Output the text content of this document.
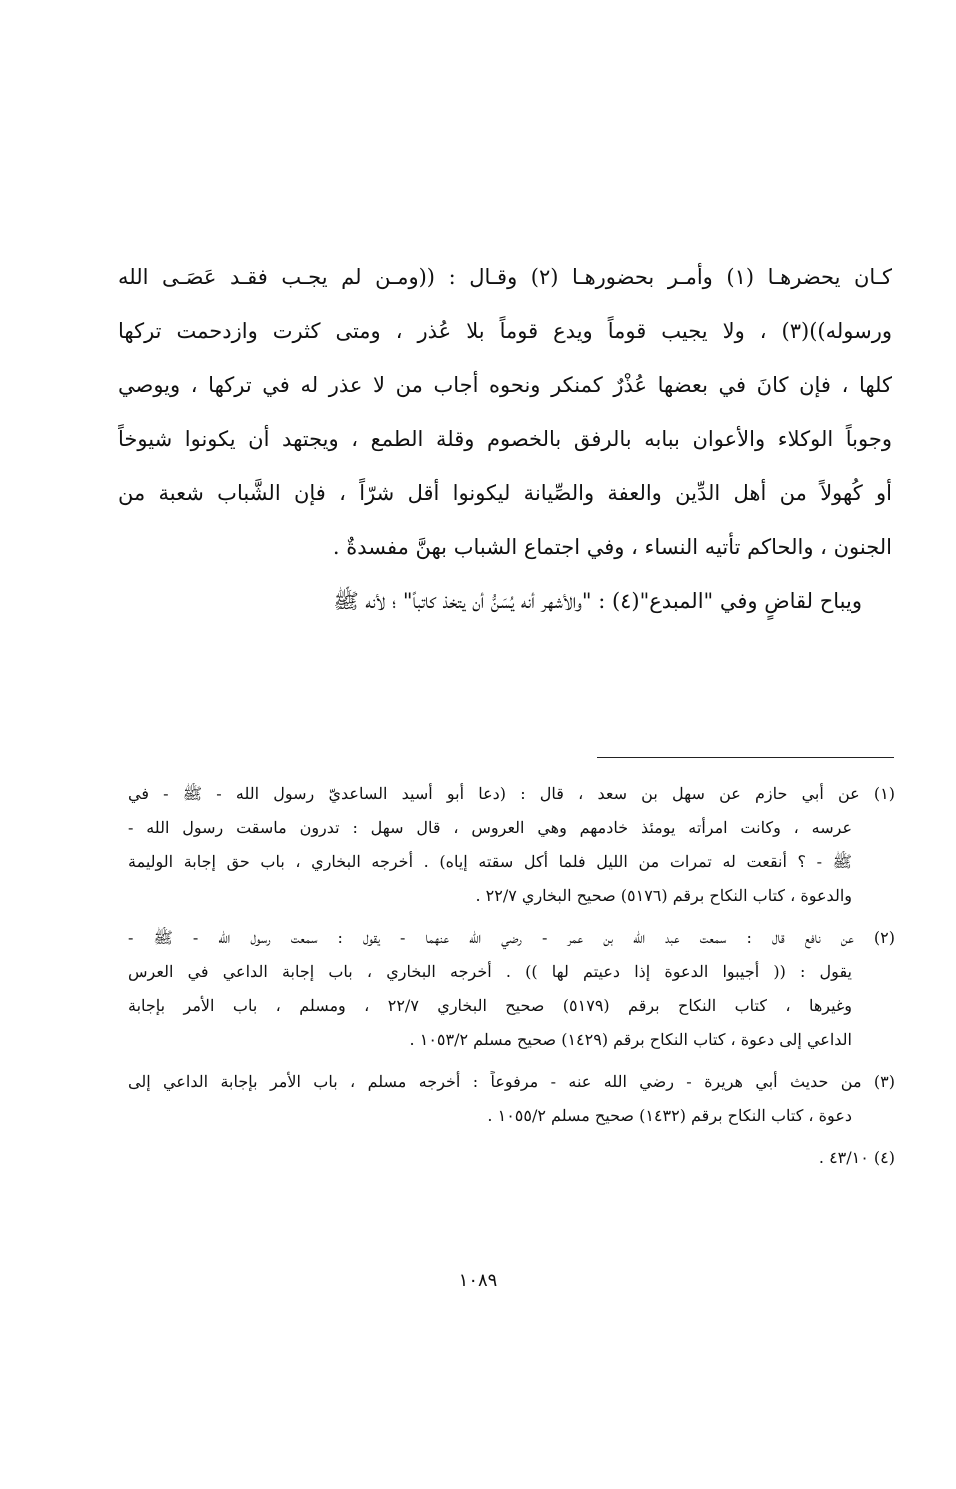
كـان يحضرهـا (١) وأمـر بحضورهـا (٢) وقـال : ((ومـن لم يجـب فقـد عَصَـى الله
ورسوله))(٣) ، ولا يجيب قوماً ويدع قوماً بلا عُذر ، ومتى كثرت وازدحمت تركها
كلها ، فإن كانَ في بعضها عُذْرٌ كمنكر ونحوه أجاب من لا عذر له في تركها ، ويوصي
وجوباً الوكلاء والأعوان ببابه بالرفق بالخصوم وقلة الطمع ، ويجتهد أن يكونوا شيوخاً
أو كُهولاً من أهل الدِّين والعفة والصِّيانة ليكونوا أقل شرّاً ، فإن الشَّباب شعبة من
الجنون ، والحاكم تأتيه النساء ، وفي اجتماع الشباب بهنَّ مفسدةٌ .
ويباح لقاضٍ وفي "المبدع"(٤) : "والأشهر أنه يُسَنُّ أن يتخذ كاتباً" ؛ لأنه ﷺ
(١) عن أبي حازم عن سهل بن سعد ، قال : (دعا أبو أسيد الساعديّ رسول الله - ﷺ - في
عرسه ، وكانت امرأته يومئذ خادمهم وهي العروس ، قال سهل : تدرون ماسقت رسول الله -
ﷺ - ؟ أنقعت له تمرات من الليل فلما أكل سقته إياه) . أخرجه البخاري ، باب حق إجابة الوليمة
والدعوة ، كتاب النكاح برقم (٥١٧٦) صحيح البخاري ٢٢/٧ .
(٢) عن نافع قال : سمعت عبد الله بن عمر - رضي الله عنهما - يقول : سمعت رسول الله - ﷺ -
يقول : (( أجيبوا الدعوة إذا دعيتم لها )) . أخرجه البخاري ، باب إجابة الداعي في العرس
وغيرها ، كتاب النكاح برقم (٥١٧٩) صحيح البخاري ٢٢/٧ ، ومسلم ، باب الأمر بإجابة
الداعي إلى دعوة ، كتاب النكاح برقم (١٤٢٩) صحيح مسلم ١٠٥٣/٢ .
(٣) من حديث أبي هريرة - رضي الله عنه - مرفوعاً : أخرجه مسلم ، باب الأمر بإجابة الداعي إلى
دعوة ، كتاب النكاح برقم (١٤٣٢) صحيح مسلم ١٠٥٥/٢ .
(٤) ٤٣/١٠ .
١٠٨٩
